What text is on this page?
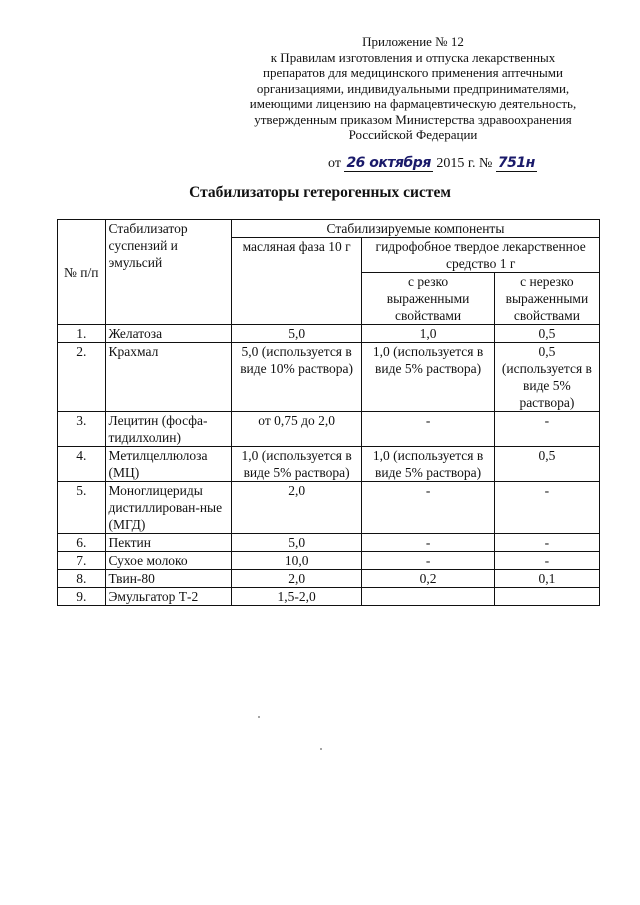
Приложение № 12
к Правилам изготовления и отпуска лекарственных
препаратов для медицинского применения аптечными
организациями, индивидуальными предпринимателями,
имеющими лицензию на фармацевтическую деятельность,
утвержденным приказом Министерства здравоохранения
Российской Федерации
от 26 октября 2015 г. № 751н
Стабилизаторы гетерогенных систем
№ п/п	Стабилизатор суспензий и эмульсий	Стабилизируемые компоненты		
		масляная фаза 10 г	гидрофобное твердое лекарственное средство 1 г	
			с резко выраженными свойствами	с нерезко выраженными свойствами
1.	Желатоза	5,0	1,0	0,5
2.	Крахмал	5,0 (используется в виде 10% раствора)	1,0 (используется в виде 5% раствора)	0,5 (используется в виде 5% раствора)
3.	Лецитин (фосфа-тидилхолин)	от 0,75 до 2,0	-	-
4.	Метилцеллюлоза (МЦ)	1,0 (используется в виде 5% раствора)	1,0 (используется в виде 5% раствора)	0,5
5.	Моноглицериды дистиллирован-ные (МГД)	2,0	-	-
6.	Пектин	5,0	-	-
7.	Сухое молоко	10,0	-	-
8.	Твин-80	2,0	0,2	0,1
9.	Эмульгатор Т-2	1,5-2,0		
